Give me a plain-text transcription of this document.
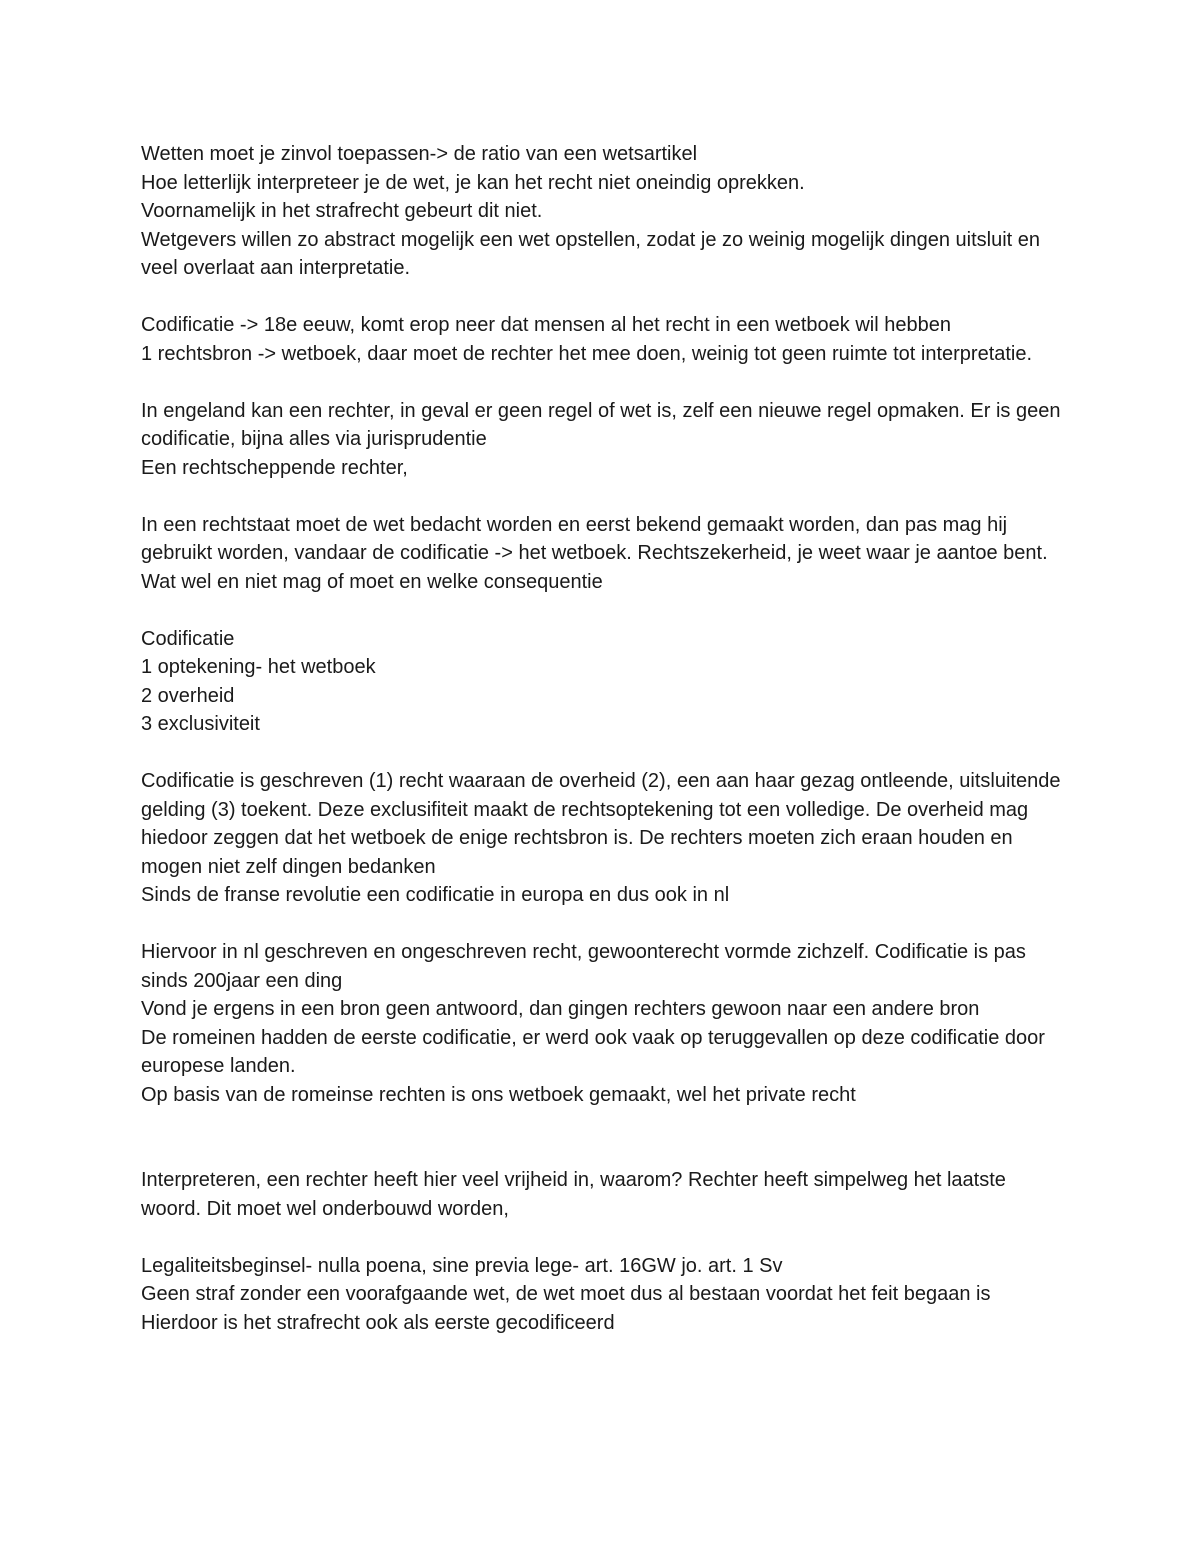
Wetten moet je zinvol toepassen-> de ratio van een wetsartikel
Hoe letterlijk interpreteer je de wet, je kan het recht niet oneindig oprekken.
Voornamelijk in het strafrecht gebeurt dit niet.
Wetgevers willen zo abstract mogelijk een wet opstellen, zodat je zo weinig mogelijk dingen uitsluit en veel overlaat aan interpretatie.
Codificatie -> 18e eeuw, komt erop neer dat mensen al het recht in een wetboek wil hebben
1 rechtsbron -> wetboek, daar moet de rechter het mee doen, weinig tot geen ruimte tot interpretatie.
In engeland kan een rechter, in geval er geen regel of wet is, zelf een nieuwe regel opmaken. Er is geen codificatie, bijna alles via jurisprudentie
Een rechtscheppende rechter,
In een rechtstaat moet de wet bedacht worden en eerst bekend gemaakt worden, dan pas mag hij gebruikt worden, vandaar de codificatie -> het wetboek. Rechtszekerheid, je weet waar je aantoe bent. Wat wel en niet mag of moet en welke consequentie
Codificatie
1 optekening- het wetboek
2 overheid
3 exclusiviteit
Codificatie is geschreven (1) recht waaraan de overheid (2), een aan haar gezag ontleende, uitsluitende gelding (3) toekent. Deze exclusifiteit maakt de rechtsoptekening tot een volledige. De overheid mag hiedoor zeggen dat het wetboek de enige rechtsbron is. De rechters moeten zich eraan houden en mogen niet zelf dingen bedanken
Sinds de franse revolutie een codificatie in europa en dus ook in nl
Hiervoor in nl geschreven en ongeschreven recht, gewoonterecht vormde zichzelf. Codificatie is pas sinds 200jaar een ding
Vond je ergens in een bron geen antwoord, dan gingen rechters gewoon naar een andere bron
De romeinen hadden de eerste codificatie, er werd ook vaak op teruggevallen op deze codificatie door europese landen.
Op basis van de romeinse rechten is ons wetboek gemaakt, wel het private recht
Interpreteren, een rechter heeft hier veel vrijheid in, waarom? Rechter heeft simpelweg het laatste woord. Dit moet wel onderbouwd worden,
Legaliteitsbeginsel- nulla poena, sine previa lege- art. 16GW jo. art. 1 Sv
Geen straf zonder een voorafgaande wet, de wet moet dus al bestaan voordat het feit begaan is
Hierdoor is het strafrecht ook als eerste gecodificeerd
